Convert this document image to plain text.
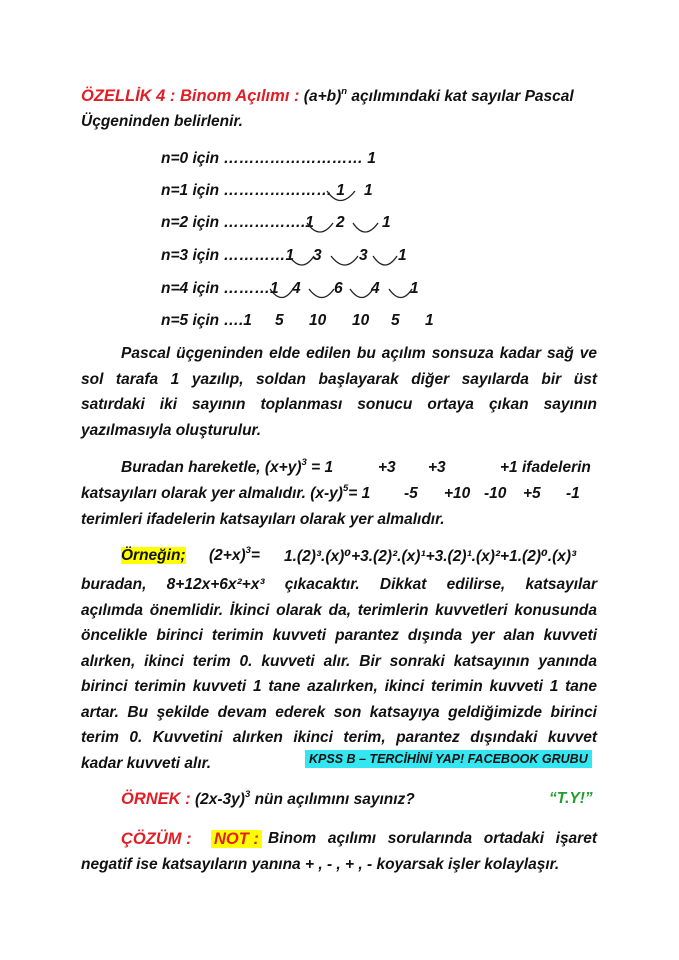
ÖZELLİK 4 : Binom Açılımı : $(a+b)^n$ açılımındaki kat sayılar Pascal
Üçgeninden belirlenir.
n=0 için ……………………… 1
n=1 için ………………… 1 1
n=2 için …………….1 2 1
n=3 için …………1 3 3 1
n=4 için ………1 4 6 4 1
n=5 için ….1 5 10 10 5 1
Pascal üçgeninden elde edilen bu açılım sonsuza kadar sağ ve
sol tarafa 1 yazılıp, soldan başlayarak diğer sayılarda bir üst
satırdaki iki sayının toplanması sonucu ortaya çıkan sayının
yazılmasıyla oluşturulur.
Buradan hareketle, $(x+y)^3 = 1$	+3 +3	+1 ifadelerin
katsayıları olarak yer almalıdır. $(x-y)^5= 1$ -5 +10 -10 +5 -1
terimleri ifadelerin katsayıları olarak yer almalıdır.
Örneğin; $(2+x)^3= 1.(2)^3.(x)^0+3.(2)^2.(x)^1+3.(2)^1.(x)^2+1.(2)^0.(x)^3$
buradan, 8+12x+6x²+x³ çıkacaktır. Dikkat edilirse, katsayılar
açılımda önemlidir. İkinci olarak da, terimlerin kuvvetleri konusunda
öncelikle birinci terimin kuvveti parantez dışında yer alan kuvveti
alırken, ikinci terim 0. kuvveti alır. Bir sonraki katsayının yanında
birinci terimin kuvveti 1 tane azalırken, ikinci terimin kuvveti 1 tane
artar. Bu şekilde devam ederek son katsayıya geldiğimizde birinci
terim 0. Kuvvetini alırken ikinci terim, parantez dışındaki kuvvet
kadar kuvveti alır.	KPSS B – TERCİHİNİ YAP! FACEBOOK GRUBU
ÖRNEK : $(2x-3y)^3$ nün açılımını sayınız?	“T.Y!”
ÇÖZÜM : NOT : Binom açılımı sorularında ortadaki işaret
negatif ise katsayıların yanına + , - , + , - koyarsak işler kolaylaşır.
